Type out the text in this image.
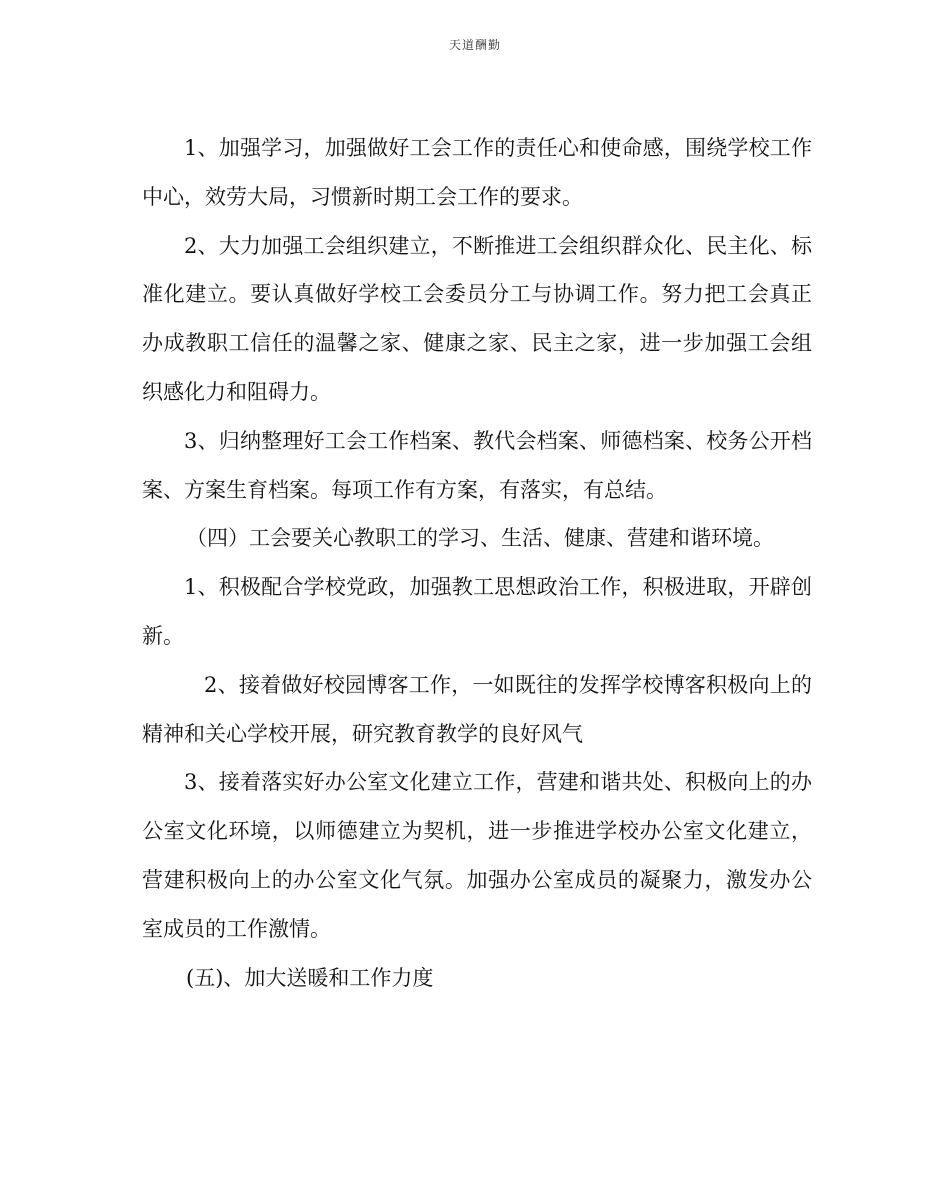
天道酬勤

1、加强学习，加强做好工会工作的责任心和使命感，围绕学校工作中心，效劳大局，习惯新时期工会工作的要求。

2、大力加强工会组织建立，不断推进工会组织群众化、民主化、标准化建立。要认真做好学校工会委员分工与协调工作。努力把工会真正办成教职工信任的温馨之家、健康之家、民主之家，进一步加强工会组织感化力和阻碍力。

3、归纳整理好工会工作档案、教代会档案、师德档案、校务公开档案、方案生育档案。每项工作有方案，有落实，有总结。

（四）工会要关心教职工的学习、生活、健康、营建和谐环境。

1、积极配合学校党政，加强教工思想政治工作，积极进取，开辟创新。

2、接着做好校园博客工作，一如既往的发挥学校博客积极向上的精神和关心学校开展，研究教育教学的良好风气

3、接着落实好办公室文化建立工作，营建和谐共处、积极向上的办公室文化环境，以师德建立为契机，进一步推进学校办公室文化建立，营建积极向上的办公室文化气氛。加强办公室成员的凝聚力，激发办公室成员的工作激情。

(五)、加大送暖和工作力度
